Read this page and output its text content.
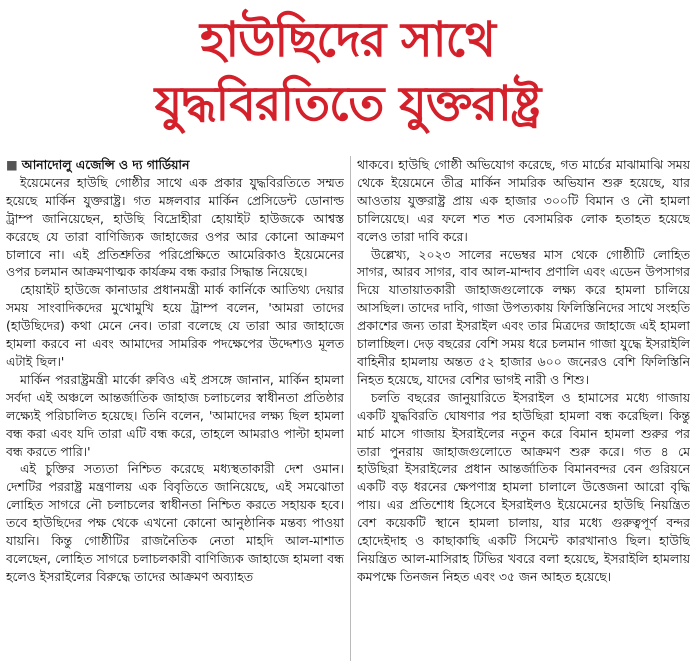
হাউছিদের সাথে
যুদ্ধবিরতিতে যুক্তরাষ্ট্র

■ আনাদোলু এজেন্সি ও দ্য গার্ডিয়ান

ইয়েমেনের হাউছি গোষ্ঠীর সাথে এক প্রকার যুদ্ধবিরতিতে সম্মত হয়েছে মার্কিন যুক্তরাষ্ট্র। গত মঙ্গলবার মার্কিন প্রেসিডেন্ট ডোনাল্ড ট্রাম্প জানিয়েছেন, হাউছি বিদ্রোহীরা হোয়াইট হাউজকে আশ্বস্ত করেছে যে তারা বাণিজ্যিক জাহাজের ওপর আর কোনো আক্রমণ চালাবে না। এই প্রতিশ্রুতির পরিপ্রেক্ষিতে আমেরিকাও ইয়েমেনের ওপর চলমান আক্রমণাত্মক কার্যক্রম বন্ধ করার সিদ্ধান্ত নিয়েছে।

হোয়াইট হাউজে কানাডার প্রধানমন্ত্রী মার্ক কার্নিকে আতিথ্য দেয়ার সময় সাংবাদিকদের মুখোমুখি হয়ে ট্রাম্প বলেন, 'আমরা তাদের (হাউছিদের) কথা মেনে নেব। তারা বলেছে যে তারা আর জাহাজে হামলা করবে না এবং আমাদের সামরিক পদক্ষেপের উদ্দেশ্যও মূলত এটাই ছিল।'

মার্কিন পররাষ্ট্রমন্ত্রী মার্কো রুবিও এই প্রসঙ্গে জানান, মার্কিন হামলা সর্বদা এই অঞ্চলে আন্তর্জাতিক জাহাজ চলাচলের স্বাধীনতা প্রতিষ্ঠার লক্ষ্যেই পরিচালিত হয়েছে। তিনি বলেন, 'আমাদের লক্ষ্য ছিল হামলা বন্ধ করা এবং যদি তারা এটি বন্ধ করে, তাহলে আমরাও পাল্টা হামলা বন্ধ করতে পারি।'

এই চুক্তির সত্যতা নিশ্চিত করেছে মধ্যস্থতাকারী দেশ ওমান। দেশটির পররাষ্ট্র মন্ত্রণালয় এক বিবৃতিতে জানিয়েছে, এই সমঝোতা লোহিত সাগরে নৌ চলাচলের স্বাধীনতা নিশ্চিত করতে সহায়ক হবে। তবে হাউছিদের পক্ষ থেকে এখনো কোনো আনুষ্ঠানিক মন্তব্য পাওয়া যায়নি। কিন্তু গোষ্ঠীটির রাজনৈতিক নেতা মাহদি আল-মাশাত বলেছেন, লোহিত সাগরে চলাচলকারী বাণিজ্যিক জাহাজে হামলা বন্ধ হলেও ইসরাইলের বিরুদ্ধে তাদের আক্রমণ অব্যাহত

থাকবে। হাউছি গোষ্ঠী অভিযোগ করেছে, গত মার্চের মাঝামাঝি সময় থেকে ইয়েমেনে তীব্র মার্কিন সামরিক অভিযান শুরু হয়েছে, যার আওতায় যুক্তরাষ্ট্র প্রায় এক হাজার ৩০০টি বিমান ও নৌ হামলা চালিয়েছে। এর ফলে শত শত বেসামরিক লোক হতাহত হয়েছে বলেও তারা দাবি করে।

উল্লেখ্য, ২০২৩ সালের নভেম্বর মাস থেকে গোষ্ঠীটি লোহিত সাগর, আরব সাগর, বাব আল-মান্দাব প্রণালি এবং এডেন উপসাগর দিয়ে যাতায়াতকারী জাহাজগুলোকে লক্ষ্য করে হামলা চালিয়ে আসছিল। তাদের দাবি, গাজা উপত্যকায় ফিলিস্তিনিদের সাথে সংহতি প্রকাশের জন্য তারা ইসরাইল এবং তার মিত্রদের জাহাজে এই হামলা চালাচ্ছিল। দেড় বছরের বেশি সময় ধরে চলমান গাজা যুদ্ধে ইসরাইলি বাহিনীর হামলায় অন্তত ৫২ হাজার ৬০০ জনেরও বেশি ফিলিস্তিনি নিহত হয়েছে, যাদের বেশির ভাগই নারী ও শিশু।

চলতি বছরের জানুয়ারিতে ইসরাইল ও হামাসের মধ্যে গাজায় একটি যুদ্ধবিরতি ঘোষণার পর হাউছিরা হামলা বন্ধ করেছিল। কিন্তু মার্চ মাসে গাজায় ইসরাইলের নতুন করে বিমান হামলা শুরুর পর তারা পুনরায় জাহাজগুলোতে আক্রমণ শুরু করে। গত ৪ মে হাউছিরা ইসরাইলের প্রধান আন্তর্জাতিক বিমানবন্দর বেন গুরিয়নে একটি বড় ধরনের ক্ষেপণাস্ত্র হামলা চালালে উত্তেজনা আরো বৃদ্ধি পায়। এর প্রতিশোধ হিসেবে ইসরাইলও ইয়েমেনের হাউছি নিয়ন্ত্রিত বেশ কয়েকটি স্থানে হামলা চালায়, যার মধ্যে গুরুত্বপূর্ণ বন্দর হোদেইদাহ ও কাছাকাছি একটি সিমেন্ট কারখানাও ছিল। হাউছি নিয়ন্ত্রিত আল-মাসিরাহ টিভির খবরে বলা হয়েছে, ইসরাইলি হামলায় কমপক্ষে তিনজন নিহত এবং ৩৫ জন আহত হয়েছে।
